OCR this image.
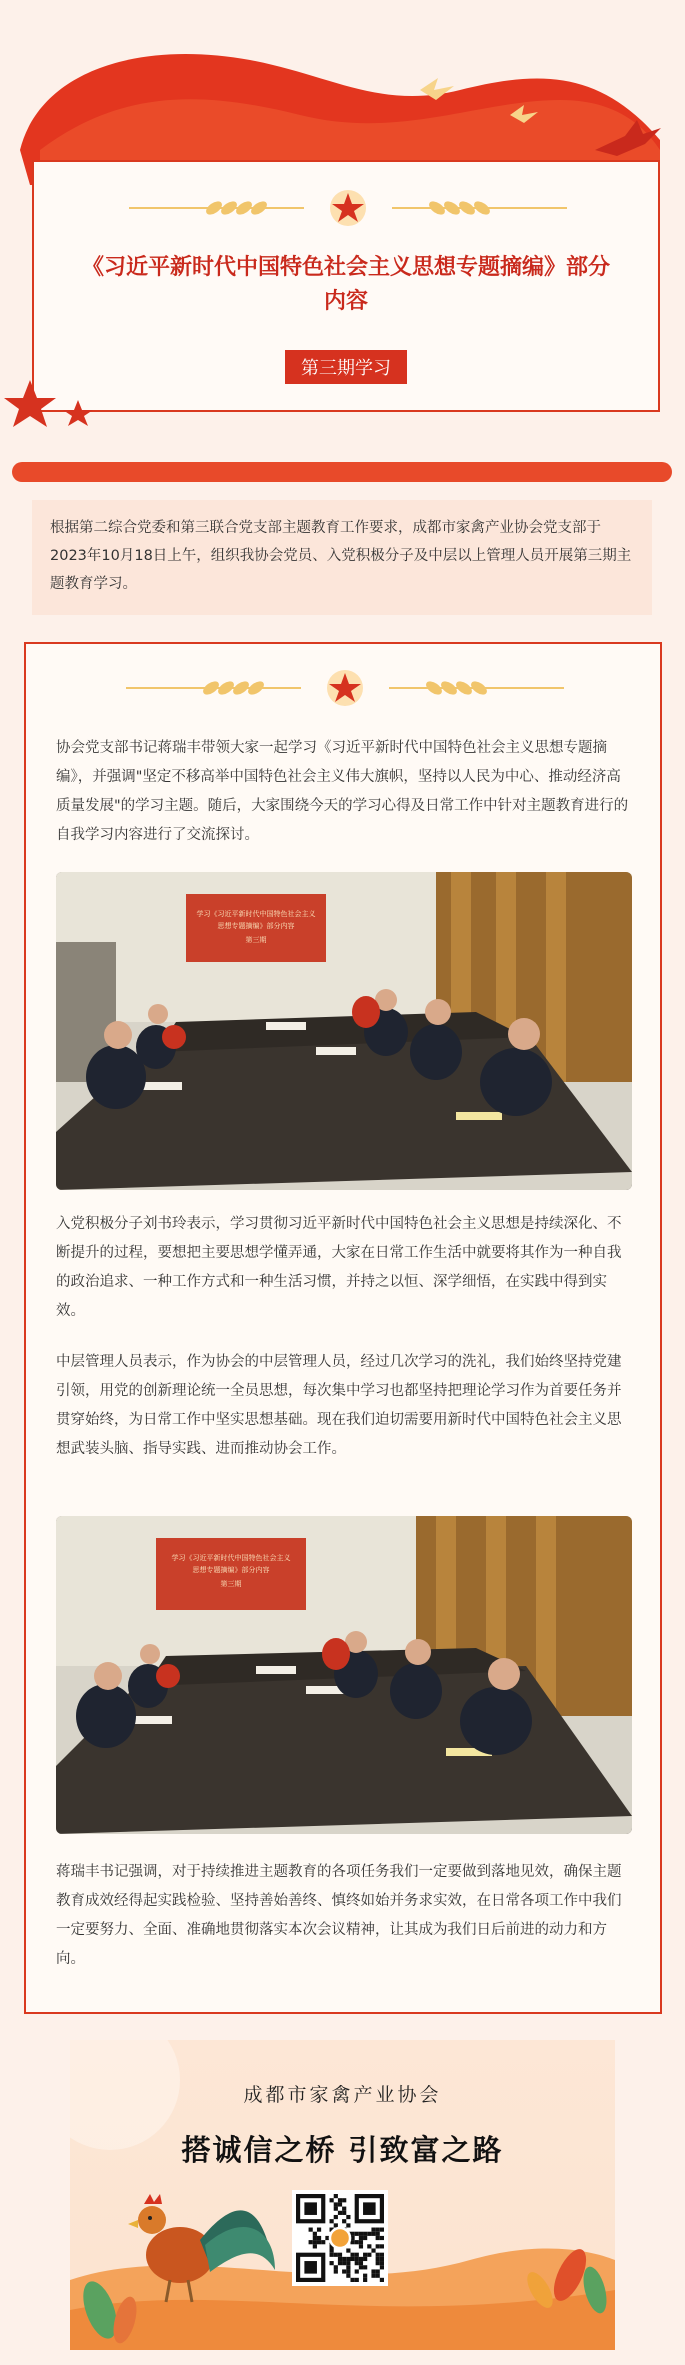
《习近平新时代中国特色社会主义思想专题摘编》部分内容
第三期学习
根据第二综合党委和第三联合党支部主题教育工作要求，成都市家禽产业协会党支部于2023年10月18日上午，组织我协会党员、入党积极分子及中层以上管理人员开展第三期主题教育学习。
协会党支部书记蒋瑞丰带领大家一起学习《习近平新时代中国特色社会主义思想专题摘编》，并强调"坚定不移高举中国特色社会主义伟大旗帜，坚持以人民为中心、推动经济高质量发展"的学习主题。随后，大家围绕今天的学习心得及日常工作中针对主题教育进行的自我学习内容进行了交流探讨。
学习《习近平新时代中国特色社会主义
思想专题摘编》部分内容
第三期
入党积极分子刘书玲表示，学习贯彻习近平新时代中国特色社会主义思想是持续深化、不断提升的过程，要想把主要思想学懂弄通，大家在日常工作生活中就要将其作为一种自我的政治追求、一种工作方式和一种生活习惯，并持之以恒、深学细悟，在实践中得到实效。
中层管理人员表示，作为协会的中层管理人员，经过几次学习的洗礼，我们始终坚持党建引领，用党的创新理论统一全员思想，每次集中学习也都坚持把理论学习作为首要任务并贯穿始终，为日常工作中坚实思想基础。现在我们迫切需要用新时代中国特色社会主义思想武装头脑、指导实践、进而推动协会工作。
学习《习近平新时代中国特色社会主义
思想专题摘编》部分内容
第三期
蒋瑞丰书记强调，对于持续推进主题教育的各项任务我们一定要做到落地见效，确保主题教育成效经得起实践检验、坚持善始善终、慎终如始并务求实效，在日常各项工作中我们一定要努力、全面、准确地贯彻落实本次会议精神，让其成为我们日后前进的动力和方向。
成都市家禽产业协会
搭诚信之桥 引致富之路
